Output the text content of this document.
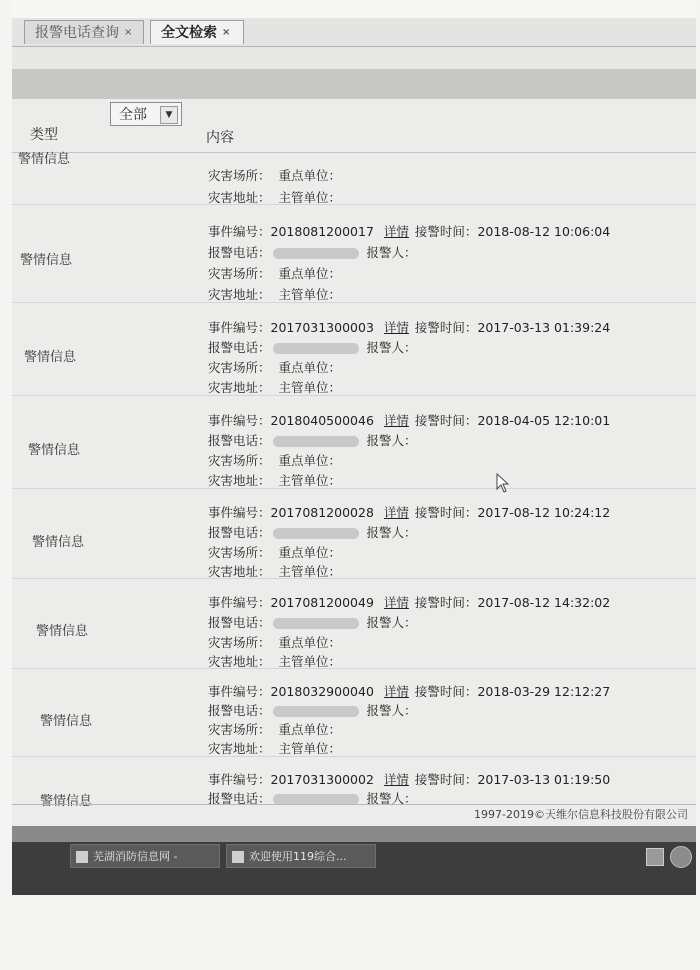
报警电话查询 ×	全文检索 ×
全部	▼
类型	内容
警情信息
灾害场所： 重点单位：
灾害地址： 主管单位：
警情信息
事件编号：2018081200017 详情 接警时间：2018-08-12 10:06:04
报警电话：	报警人：
灾害场所： 重点单位：
灾害地址： 主管单位：
警情信息
事件编号：2017031300003 详情 接警时间：2017-03-13 01:39:24
报警电话：	报警人：
灾害场所： 重点单位：
灾害地址： 主管单位：
警情信息
事件编号：2018040500046 详情 接警时间：2018-04-05 12:10:01
报警电话：	报警人：
灾害场所： 重点单位：
灾害地址： 主管单位：
警情信息
事件编号：2017081200028 详情 接警时间：2017-08-12 10:24:12
报警电话：	报警人：
灾害场所： 重点单位：
灾害地址： 主管单位：
警情信息
事件编号：2017081200049 详情 接警时间：2017-08-12 14:32:02
报警电话：	报警人：
灾害场所： 重点单位：
灾害地址： 主管单位：
警情信息
事件编号：2018032900040 详情 接警时间：2018-03-29 12:12:27
报警电话：	报警人：
灾害场所： 重点单位：
灾害地址： 主管单位：
警情信息
事件编号：2017031300002 详情 接警时间：2017-03-13 01:19:50
报警电话：	报警人：
1997-2019©天维尔信息科技股份有限公司
芜湖消防信息网 -	欢迎使用119综合...
